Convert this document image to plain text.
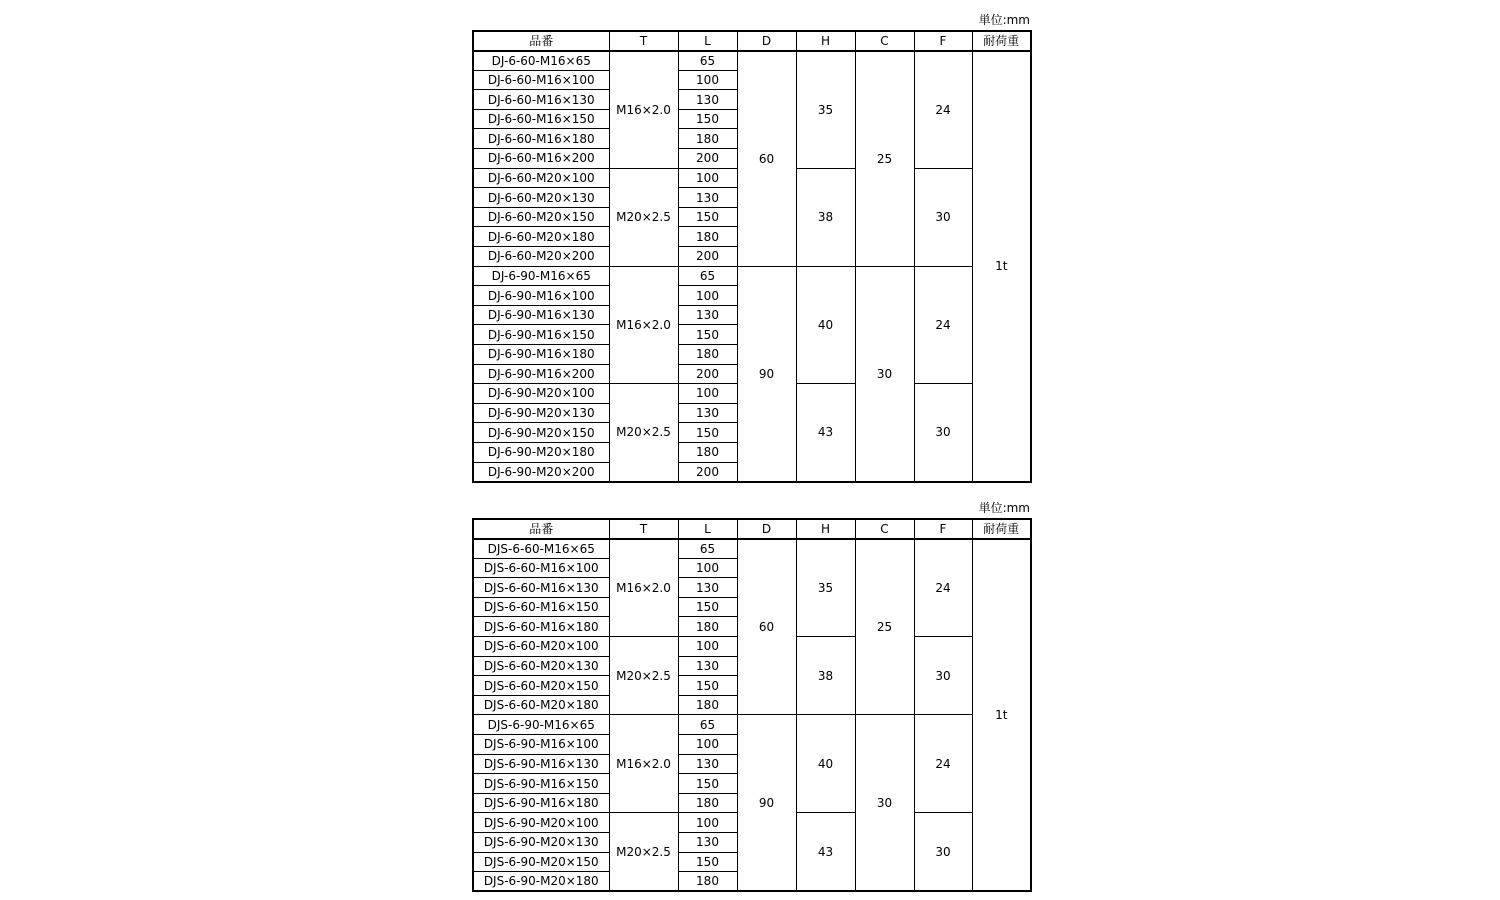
単位:mm
品番	T	L	D	H	C	F	耐荷重
DJ-6-60-M16×65	M16×2.0	65	60	35	25	24	1t
DJ-6-60-M16×100		100					
DJ-6-60-M16×130		130					
DJ-6-60-M16×150		150					
DJ-6-60-M16×180		180					
DJ-6-60-M16×200		200					
DJ-6-60-M20×100	M20×2.5	100		38		30	
DJ-6-60-M20×130		130					
DJ-6-60-M20×150		150					
DJ-6-60-M20×180		180					
DJ-6-60-M20×200		200					
DJ-6-90-M16×65	M16×2.0	65	90	40	30	24	
DJ-6-90-M16×100		100					
DJ-6-90-M16×130		130					
DJ-6-90-M16×150		150					
DJ-6-90-M16×180		180					
DJ-6-90-M16×200		200					
DJ-6-90-M20×100	M20×2.5	100		43		30	
DJ-6-90-M20×130		130					
DJ-6-90-M20×150		150					
DJ-6-90-M20×180		180					
DJ-6-90-M20×200		200					
単位:mm
品番	T	L	D	H	C	F	耐荷重
DJS-6-60-M16×65	M16×2.0	65	60	35	25	24	1t
DJS-6-60-M16×100		100					
DJS-6-60-M16×130		130					
DJS-6-60-M16×150		150					
DJS-6-60-M16×180		180					
DJS-6-60-M20×100	M20×2.5	100		38		30	
DJS-6-60-M20×130		130					
DJS-6-60-M20×150		150					
DJS-6-60-M20×180		180					
DJS-6-90-M16×65	M16×2.0	65	90	40	30	24	
DJS-6-90-M16×100		100					
DJS-6-90-M16×130		130					
DJS-6-90-M16×150		150					
DJS-6-90-M16×180		180					
DJS-6-90-M20×100	M20×2.5	100		43		30	
DJS-6-90-M20×130		130					
DJS-6-90-M20×150		150					
DJS-6-90-M20×180		180					
